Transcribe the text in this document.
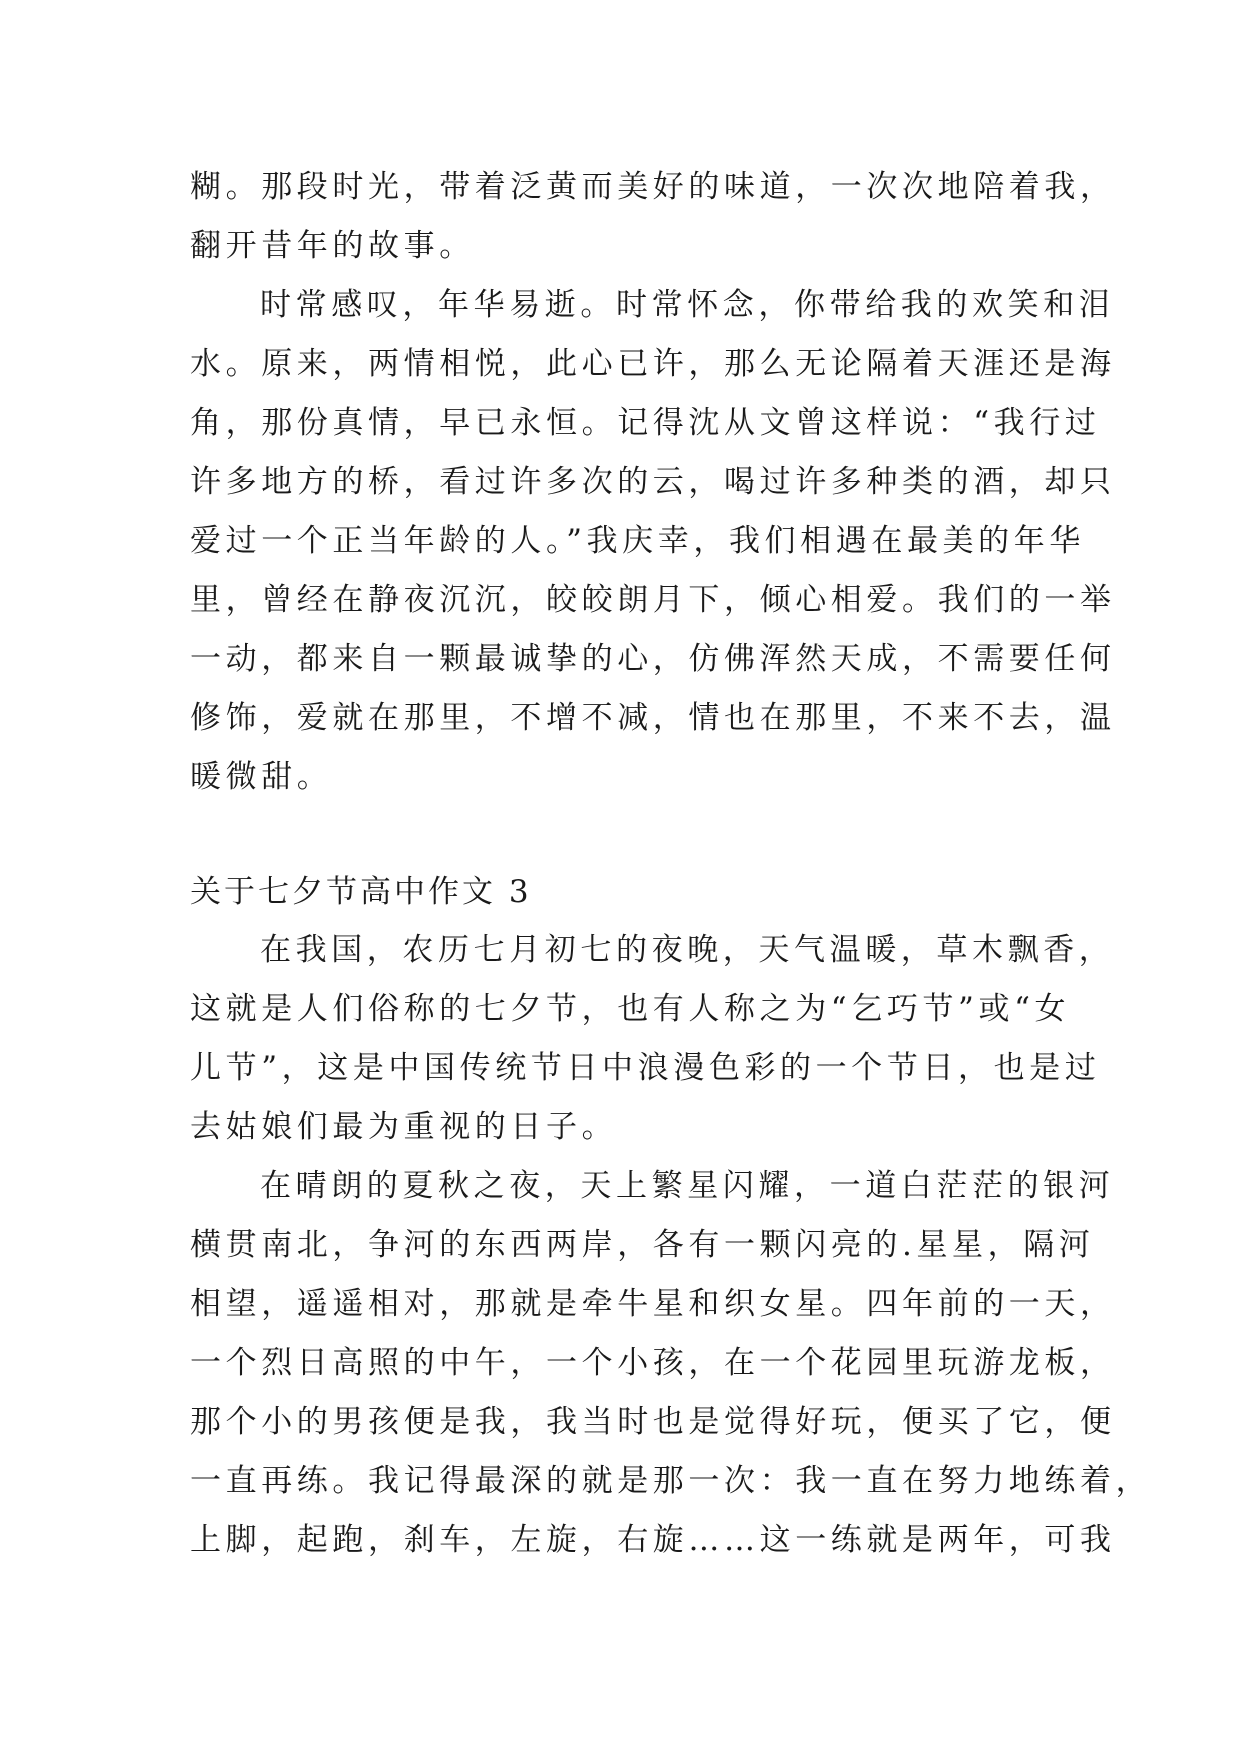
糊。那段时光，带着泛黄而美好的味道，一次次地陪着我，
翻开昔年的故事。
时常感叹，年华易逝。时常怀念，你带给我的欢笑和泪
水。原来，两情相悦，此心已许，那么无论隔着天涯还是海
角，那份真情，早已永恒。记得沈从文曾这样说：“我行过
许多地方的桥，看过许多次的云，喝过许多种类的酒，却只
爱过一个正当年龄的人。”我庆幸，我们相遇在最美的年华
里，曾经在静夜沉沉，皎皎朗月下，倾心相爱。我们的一举
一动，都来自一颗最诚挚的心，仿佛浑然天成，不需要任何
修饰，爱就在那里，不增不减，情也在那里，不来不去，温
暖微甜。
关于七夕节高中作文 3
在我国，农历七月初七的夜晚，天气温暖，草木飘香，
这就是人们俗称的七夕节，也有人称之为“乞巧节”或“女
儿节”，这是中国传统节日中浪漫色彩的一个节日，也是过
去姑娘们最为重视的日子。
在晴朗的夏秋之夜，天上繁星闪耀，一道白茫茫的银河
横贯南北，争河的东西两岸，各有一颗闪亮的.星星，隔河
相望，遥遥相对，那就是牵牛星和织女星。四年前的一天，
一个烈日高照的中午，一个小孩，在一个花园里玩游龙板，
那个小的男孩便是我，我当时也是觉得好玩，便买了它，便
一直再练。我记得最深的就是那一次：我一直在努力地练着，
上脚，起跑，刹车，左旋，右旋……这一练就是两年，可我
